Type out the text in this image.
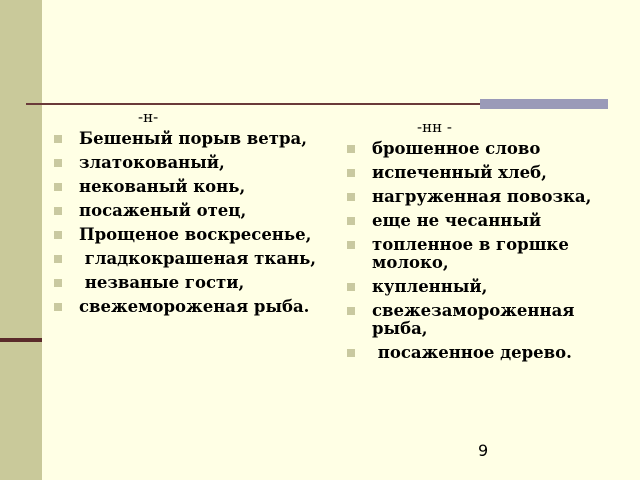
-н-
Бешеный порыв ветра,
златокованый,
некованый конь,
посаженый отец,
Прощеное воскресенье,
гладкокрашеная ткань,
незваные гости,
свежемороженая рыба.
-нн -
брошенное слово
испеченный хлеб,
нагруженная повозка,
еще не чесанный
топленное в горшке молоко,
купленный,
свежезамороженная рыба,
посаженное дерево.
9
